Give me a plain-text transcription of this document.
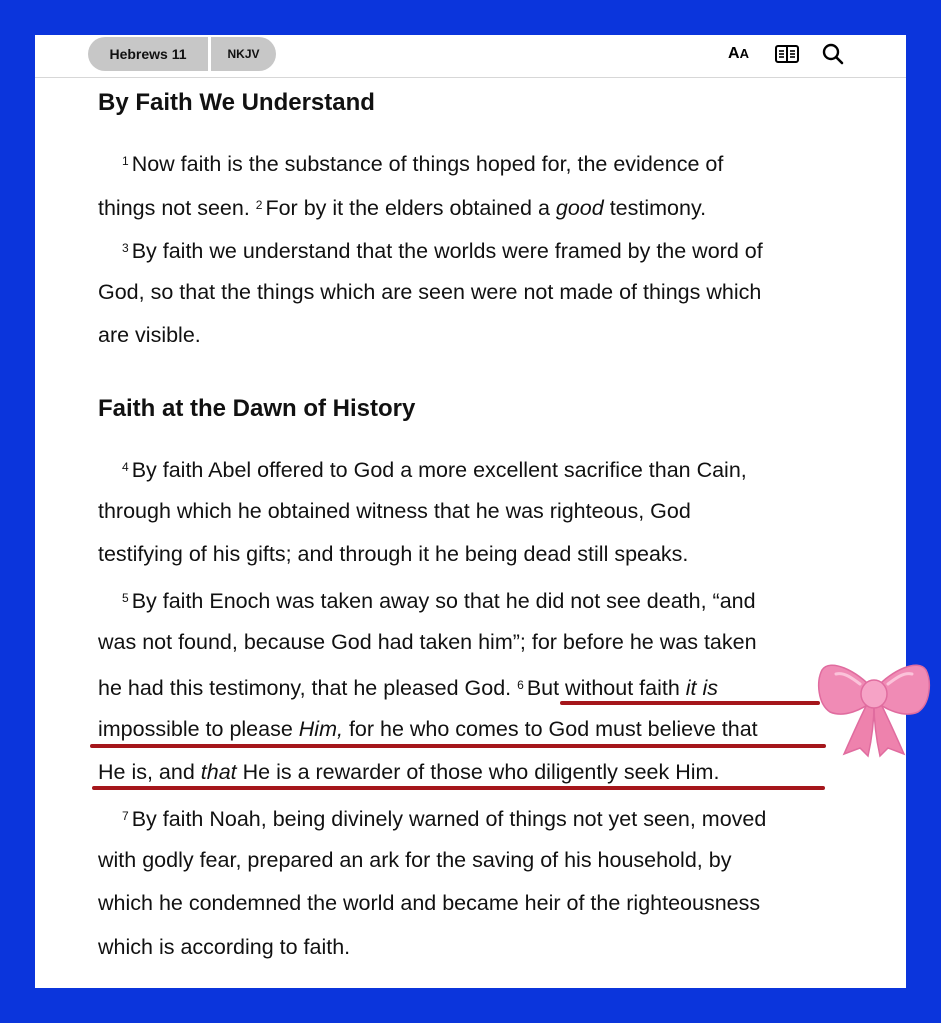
Hebrews 11	NKJV	AA
By Faith We Understand
$^1$ Now faith is the substance of things hoped for, the evidence of
things not seen. $^2$ For by it the elders obtained a good testimony.
$^3$ By faith we understand that the worlds were framed by the word of
God, so that the things which are seen were not made of things which
are visible.
Faith at the Dawn of History
$^4$ By faith Abel offered to God a more excellent sacrifice than Cain,
through which he obtained witness that he was righteous, God
testifying of his gifts; and through it he being dead still speaks.
$^5$ By faith Enoch was taken away so that he did not see death, “and
was not found, because God had taken him”; for before he was taken
he had this testimony, that he pleased God. $^6$ But without faith it is
impossible to please Him, for he who comes to God must believe that
He is, and that He is a rewarder of those who diligently seek Him.
$^7$ By faith Noah, being divinely warned of things not yet seen, moved
with godly fear, prepared an ark for the saving of his household, by
which he condemned the world and became heir of the righteousness
which is according to faith.
